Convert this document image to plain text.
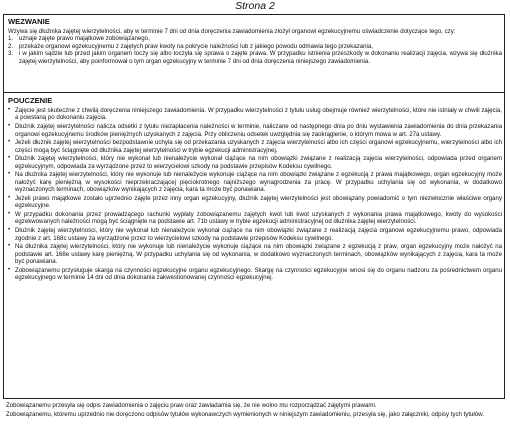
Strona 2
WEZWANIE

Wzywa się dłużnika zajętej wierzytelności, aby w terminie 7 dni od dnia doręczenia zawiadomienia złożył organowi egzekucyjnemu oświadczenie dotyczące tego, czy:

1. uznaje zajęte prawo majątkowe zobowiązanego,
2. przekaże organowi egzekucyjnemu z zajętych praw kwoty na pokrycie należności lub z jakiego powodu odmawia tego przekazania,
3. i w jakim sądzie lub przed jakim organem toczy się albo toczyła się sprawa o zajęte prawa. W przypadku istnienia przeszkody w dokonaniu realizacji zajęcia, wzywa się dłużnika zajętej wierzytelności, aby poinformował o tym organ egzekucyjny w terminie 7 dni od dnia doręczenia niniejszego zawiadomienia.
POUCZENIE
• Zajęcie jest skuteczne z chwilą doręczenia niniejszego zawiadomienia. W przypadku wierzytelności z tytułu usług obejmuje również wierzytelności, które nie istniały w chwili zajęcia, a powstaną po dokonaniu zajęcia.
• Dłużnik zajętej wierzytelności nalicza odsetki z tytułu niezapłacenia należności w terminie, naliczane od następnego dnia po dniu wystawienia zawiadomienia do dnia przekazania organowi egzekucyjnemu środków pieniężnych uzyskanych z zajęcia. Przy obliczeniu odsetek uwzględnia się zaokrąglenie, o którym mowa w art. 27a ustawy.
• Jeżeli dłużnik zajętej wierzytelności bezpodstawnie uchyla się od przekazania uzyskanych z zajęcia wierzytelności albo ich części organowi egzekucyjnemu, wierzytelności albo ich części mogą być ściągnięte od dłużnika zajętej wierzytelności w trybie egzekucji administracyjnej.
• Dłużnik zajętej wierzytelności, który nie wykonał lub nienależycie wykonał ciążące na nim obowiązki związane z realizacją zajęcia wierzytelności, odpowiada przed organem egzekucyjnym, odpowiada za wyrządzone przez to wierzycielowi szkody na podstawie przepisów Kodeksu cywilnego.
• Na dłużnika zajętej wierzytelności, który nie wykonuje lub nienależycie wykonuje ciążące na nim obowiązki związane z egzekucją z prawa majątkowego, organ egzekucyjny może nałożyć karę pieniężną w wysokości nieprzekraczającej pięciokrotnego najniższego wynagrodzenia za pracę. W przypadku uchylania się od wykonania, w dodatkowo wyznaczonych terminach, obowiązków wynikających z zajęcia, kara ta może być ponawiana.
• Jeżeli prawo majątkowe zostało uprzednio zajęte przez inny organ egzekucyjny, dłużnik zajętej wierzytelności jest obowiązany powiadomić o tym niezwłocznie właściwe organy egzekucyjne.
• W przypadku dokonania przez prowadzącego rachunki wypłaty zobowiązanemu zajętych kwot lub kwot uzyskanych z wykonania prawa majątkowego, kwoty do wysokości egzekwowanych należności mogą być ściągnięte na podstawie art. 71b ustawy w trybie egzekucji administracyjnej od dłużnika zajętej wierzytelności.
• Dłużnik zajętej wierzytelności, który nie wykonał lub nienależycie wykonał ciążące na nim obowiązki związane z realizacją zajęcia organowi egzekucyjnemu prawo, odpowiada zgodnie z art. 168c ustawy za wyrządzone przez to wierzycielowi szkody na podstawie przepisów Kodeksu cywilnego.
• Na dłużnika zajętej wierzytelności, który nie wykonuje lub nienależycie wykonuje ciążące na nim obowiązki związane z egzekucją z praw, organ egzekucyjny może nałożyć na podstawie art. 168e ustawy karę pieniężną. W przypadku uchylania się od wykonania, w dodatkowo wyznaczonych terminach, obowiązków wynikających z zajęcia, kara ta może być ponawiana.
• Zobowiązanemu przysługuje skarga na czynności egzekucyjne organu egzekucyjnego. Skargę na czynności egzekucyjne wnosi się do organu nadzoru za pośrednictwem organu egzekucyjnego w terminie 14 dni od dnia dokonania zakwestionowanej czynności egzekucyjnej.

Zobowiązanemu przesyła się odpis zawiadomienia o zajęciu praw oraz zawiadamia się, że nie wolno mu rozporządzać zajętymi prawami.

Zobowiązanemu, któremu uprzednio nie doręczono odpisów tytułów wykonawczych wymienionych w niniejszym zawiadomieniu, przesyła się, jako załączniki, odpisy tych tytułów.
